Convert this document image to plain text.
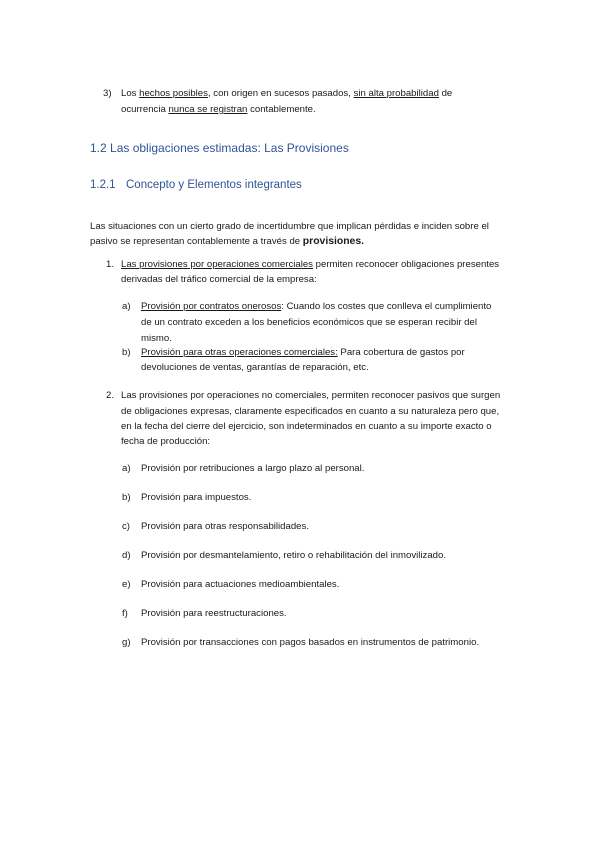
3) Los hechos posibles, con origen en sucesos pasados, sin alta probabilidad de
ocurrencia nunca se registran contablemente.
1.2 Las obligaciones estimadas: Las Provisiones
1.2.1 Concepto y Elementos integrantes
Las situaciones con un cierto grado de incertidumbre que implican pérdidas e inciden sobre el
pasivo se representan contablemente a través de provisiones.
1. Las provisiones por operaciones comerciales permiten reconocer obligaciones presentes
derivadas del tráfico comercial de la empresa:
a) Provisión por contratos onerosos: Cuando los costes que conlleva el cumplimiento
de un contrato exceden a los beneficios económicos que se esperan recibir del
mismo.
b) Provisión para otras operaciones comerciales: Para cobertura de gastos por
devoluciones de ventas, garantías de reparación, etc.
2. Las provisiones por operaciones no comerciales, permiten reconocer pasivos que surgen
de obligaciones expresas, claramente especificados en cuanto a su naturaleza pero que,
en la fecha del cierre del ejercicio, son indeterminados en cuanto a su importe exacto o
fecha de producción:
a) Provisión por retribuciones a largo plazo al personal.
b) Provisión para impuestos.
c) Provisión para otras responsabilidades.
d) Provisión por desmantelamiento, retiro o rehabilitación del inmovilizado.
e) Provisión para actuaciones medioambientales.
f) Provisión para reestructuraciones.
g) Provisión por transacciones con pagos basados en instrumentos de patrimonio.
